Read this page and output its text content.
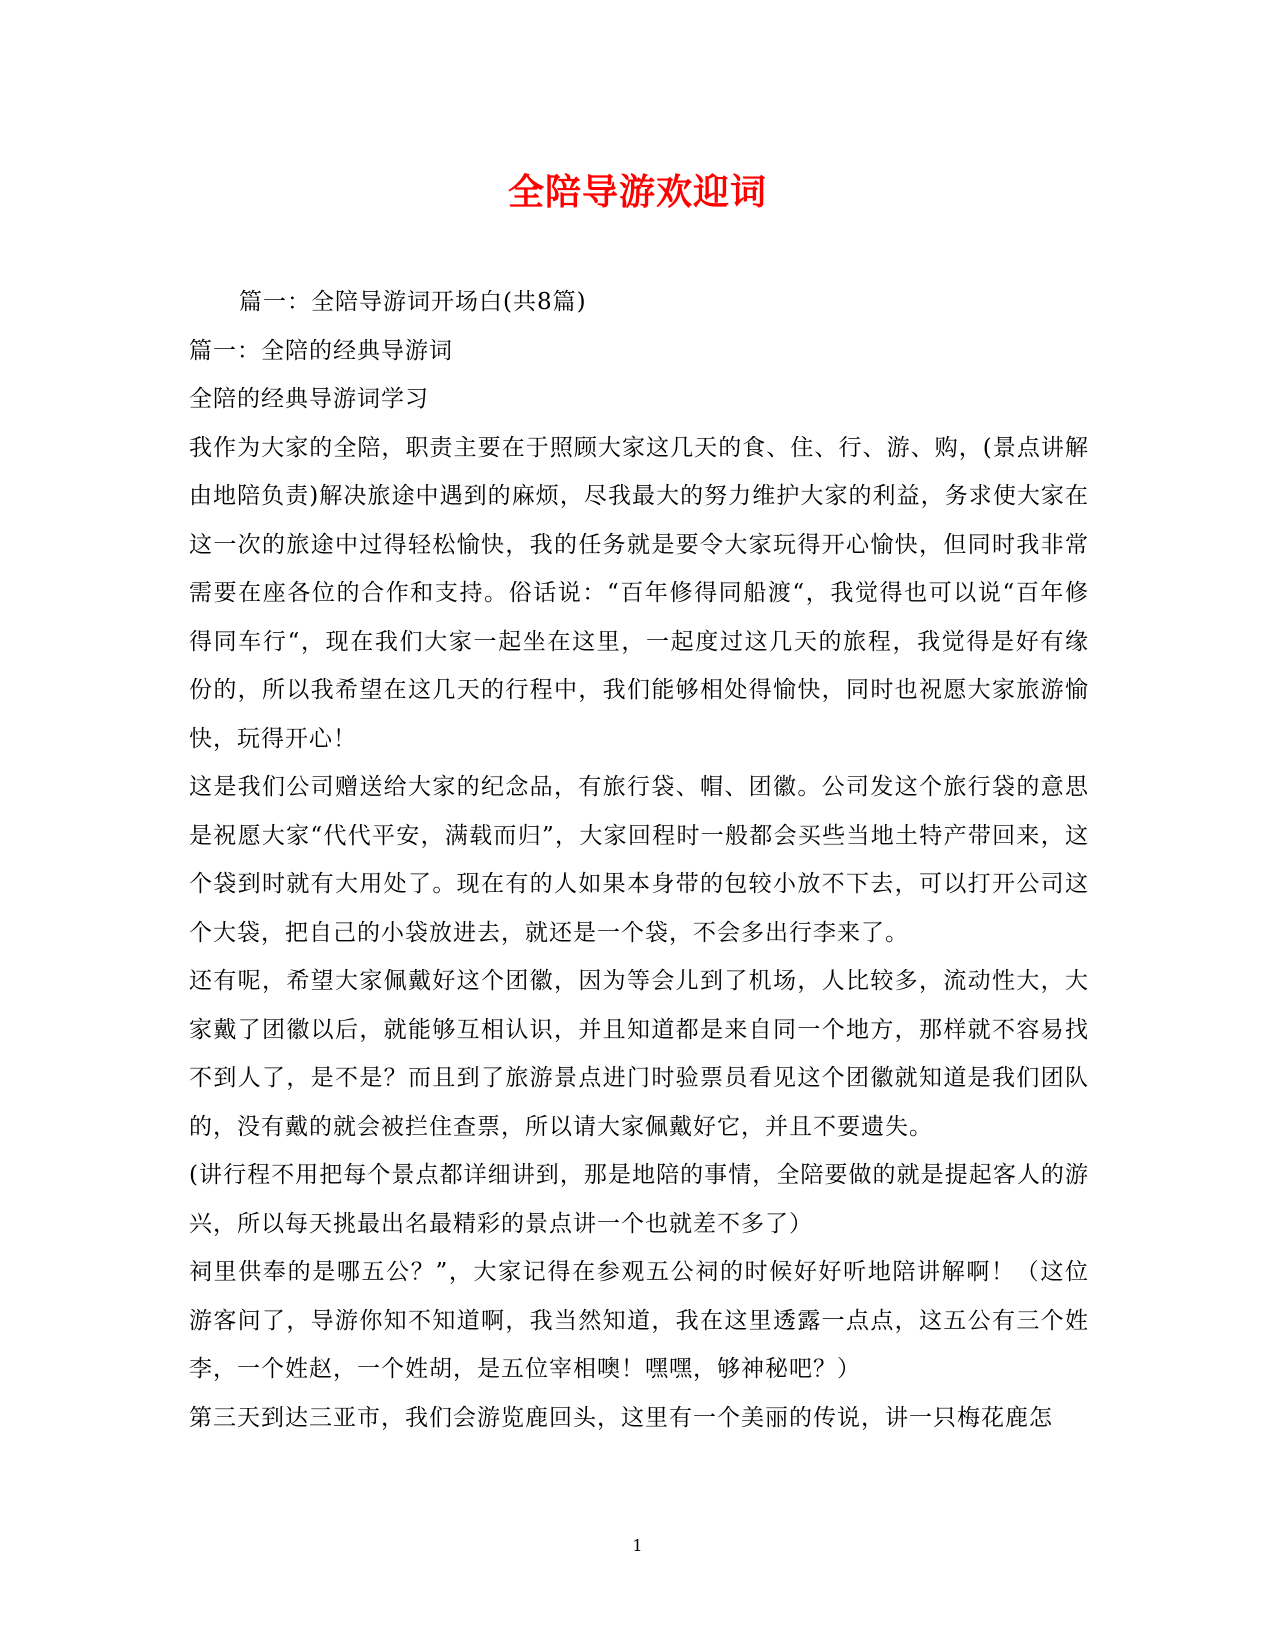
全陪导游欢迎词

篇一：全陪导游词开场白(共8篇)

篇一：全陪的经典导游词

全陪的经典导游词学习

我作为大家的全陪，职责主要在于照顾大家这几天的食、住、行、游、购，(景点讲解由地陪负责)解决旅途中遇到的麻烦，尽我最大的努力维护大家的利益，务求使大家在这一次的旅途中过得轻松愉快，我的任务就是要令大家玩得开心愉快，但同时我非常需要在座各位的合作和支持。俗话说：“百年修得同船渡“，我觉得也可以说“百年修得同车行“，现在我们大家一起坐在这里，一起度过这几天的旅程，我觉得是好有缘份的，所以我希望在这几天的行程中，我们能够相处得愉快，同时也祝愿大家旅游愉快，玩得开心！

这是我们公司赠送给大家的纪念品，有旅行袋、帽、团徽。公司发这个旅行袋的意思是祝愿大家“代代平安，满载而归”，大家回程时一般都会买些当地土特产带回来，这个袋到时就有大用处了。现在有的人如果本身带的包较小放不下去，可以打开公司这个大袋，把自己的小袋放进去，就还是一个袋，不会多出行李来了。

还有呢，希望大家佩戴好这个团徽，因为等会儿到了机场，人比较多，流动性大，大家戴了团徽以后，就能够互相认识，并且知道都是来自同一个地方，那样就不容易找不到人了，是不是？而且到了旅游景点进门时验票员看见这个团徽就知道是我们团队的，没有戴的就会被拦住查票，所以请大家佩戴好它，并且不要遗失。

(讲行程不用把每个景点都详细讲到，那是地陪的事情，全陪要做的就是提起客人的游兴，所以每天挑最出名最精彩的景点讲一个也就差不多了）

祠里供奉的是哪五公？”，大家记得在参观五公祠的时候好好听地陪讲解啊！（这位游客问了，导游你知不知道啊，我当然知道，我在这里透露一点点，这五公有三个姓李，一个姓赵，一个姓胡，是五位宰相噢！嘿嘿，够神秘吧？）

第三天到达三亚市，我们会游览鹿回头，这里有一个美丽的传说，讲一只梅花鹿怎

1
